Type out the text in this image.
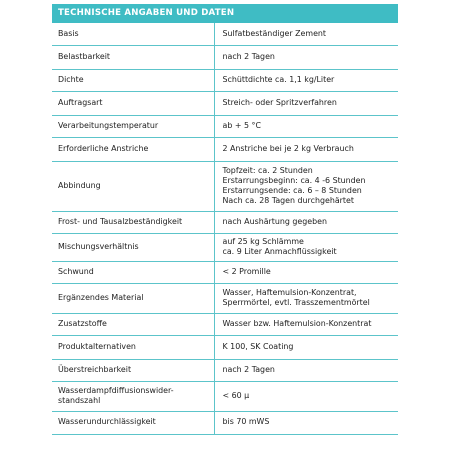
TECHNISCHE ANGABEN UND DATEN
Basis	Sulfatbeständiger Zement

Belastbarkeit	nach 2 Tagen

Dichte	Schüttdichte ca. 1,1 kg/Liter

Auftragsart	Streich- oder Spritzverfahren

Verarbeitungstemperatur	ab + 5 °C

Erforderliche Anstriche	2 Anstriche bei je 2 kg Verbrauch

Abbindung	Topfzeit: ca. 2 Stunden
Erstarrungsbeginn: ca. 4 -6 Stunden
Erstarrungsende: ca. 6 – 8 Stunden
Nach ca. 28 Tagen durchgehärtet

Frost- und Tausalzbeständigkeit	nach Aushärtung gegeben

Mischungsverhältnis	auf 25 kg Schlämme
ca. 9 Liter Anmachflüssigkeit

Schwund	< 2 Promille

Ergänzendes Material	Wasser, Haftemulsion-Konzentrat,
Sperrmörtel, evtl. Trasszementmörtel

Zusatzstoffe	Wasser bzw. Haftemulsion-Konzentrat

Produktalternativen	K 100, SK Coating

Überstreichbarkeit	nach 2 Tagen

Wasserdampfdiffusionswider-
standszahl	< 60 µ

Wasserundurchlässigkeit	bis 70 mWS
